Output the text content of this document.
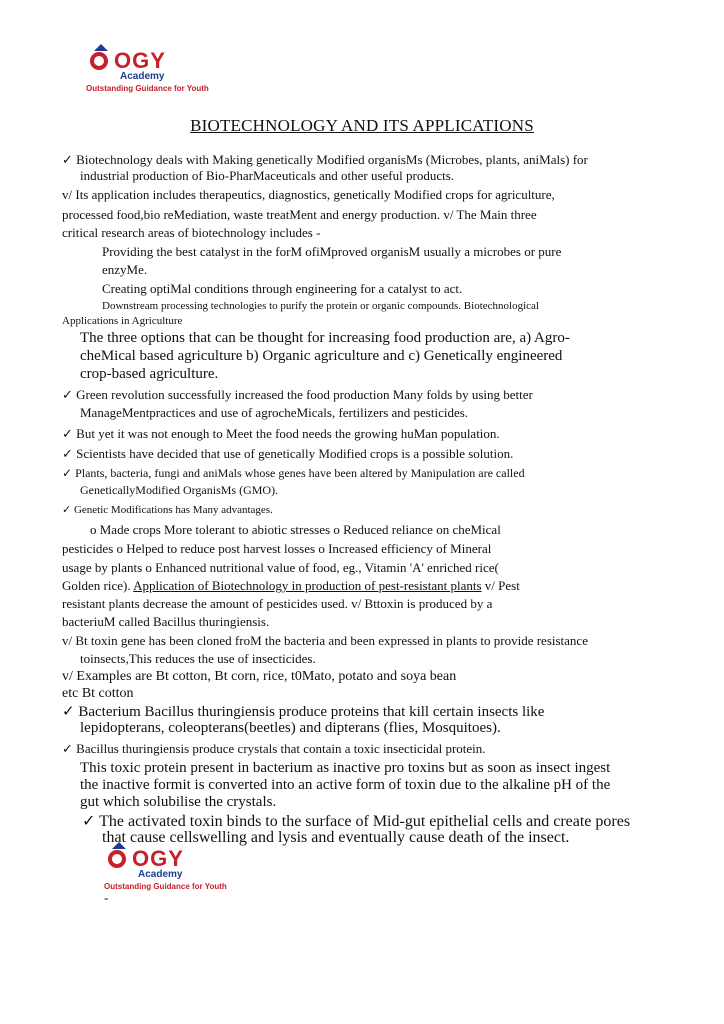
OGY
Academy
Outstanding Guidance for Youth
BIOTECHNOLOGY AND ITS APPLICATIONS
✓ Biotechnology deals with Making genetically Modified organisMs (Microbes, plants, aniMals) for
industrial production of Bio-PharMaceuticals and other useful products.
v/ Its application includes therapeutics, diagnostics, genetically Modified crops for agriculture,
processed food,bio reMediation, waste treatMent and energy production. v/ The Main three
critical research areas of biotechnology includes -
Providing the best catalyst in the forM ofiMproved organisM usually a microbes or pure
enzyMe.
Creating optiMal conditions through engineering for a catalyst to act.
Downstream processing technologies to purify the protein or organic compounds. Biotechnological
Applications in Agriculture
The three options that can be thought for increasing food production are, a) Agro-
cheMical based agriculture b) Organic agriculture and c) Genetically engineered
crop-based agriculture.
✓ Green revolution successfully increased the food production Many folds by using better
ManageMentpractices and use of agrocheMicals, fertilizers and pesticides.
✓ But yet it was not enough to Meet the food needs the growing huMan population.
✓ Scientists have decided that use of genetically Modified crops is a possible solution.
✓ Plants, bacteria, fungi and aniMals whose genes have been altered by Manipulation are called
GeneticallyModified OrganisMs (GMO).
✓ Genetic Modifications has Many advantages.
o Made crops More tolerant to abiotic stresses o Reduced reliance on cheMical
pesticides o Helped to reduce post harvest losses o Increased efficiency of Mineral
usage by plants o Enhanced nutritional value of food, eg., Vitamin 'A' enriched rice(
Golden rice). Application of Biotechnology in production of pest-resistant plants v/ Pest
resistant plants decrease the amount of pesticides used. v/ Bttoxin is produced by a
bacteriuM called Bacillus thuringiensis.
v/ Bt toxin gene has been cloned froM the bacteria and been expressed in plants to provide resistance
toinsects,This reduces the use of insecticides.
v/ Examples are Bt cotton, Bt corn, rice, t0Mato, potato and soya bean
etc Bt cotton
✓ Bacterium Bacillus thuringiensis produce proteins that kill certain insects like
lepidopterans, coleopterans(beetles) and dipterans (flies, Mosquitoes).
✓ Bacillus thuringiensis produce crystals that contain a toxic insecticidal protein.
This toxic protein present in bacterium as inactive pro toxins but as soon as insect ingest
the inactive formit is converted into an active form of toxin due to the alkaline pH of the
gut which solubilise the crystals.
✓ The activated toxin binds to the surface of Mid-gut epithelial cells and create pores
that cause cellswelling and lysis and eventually cause death of the insect.
OGY
Academy
Outstanding Guidance for Youth
-
